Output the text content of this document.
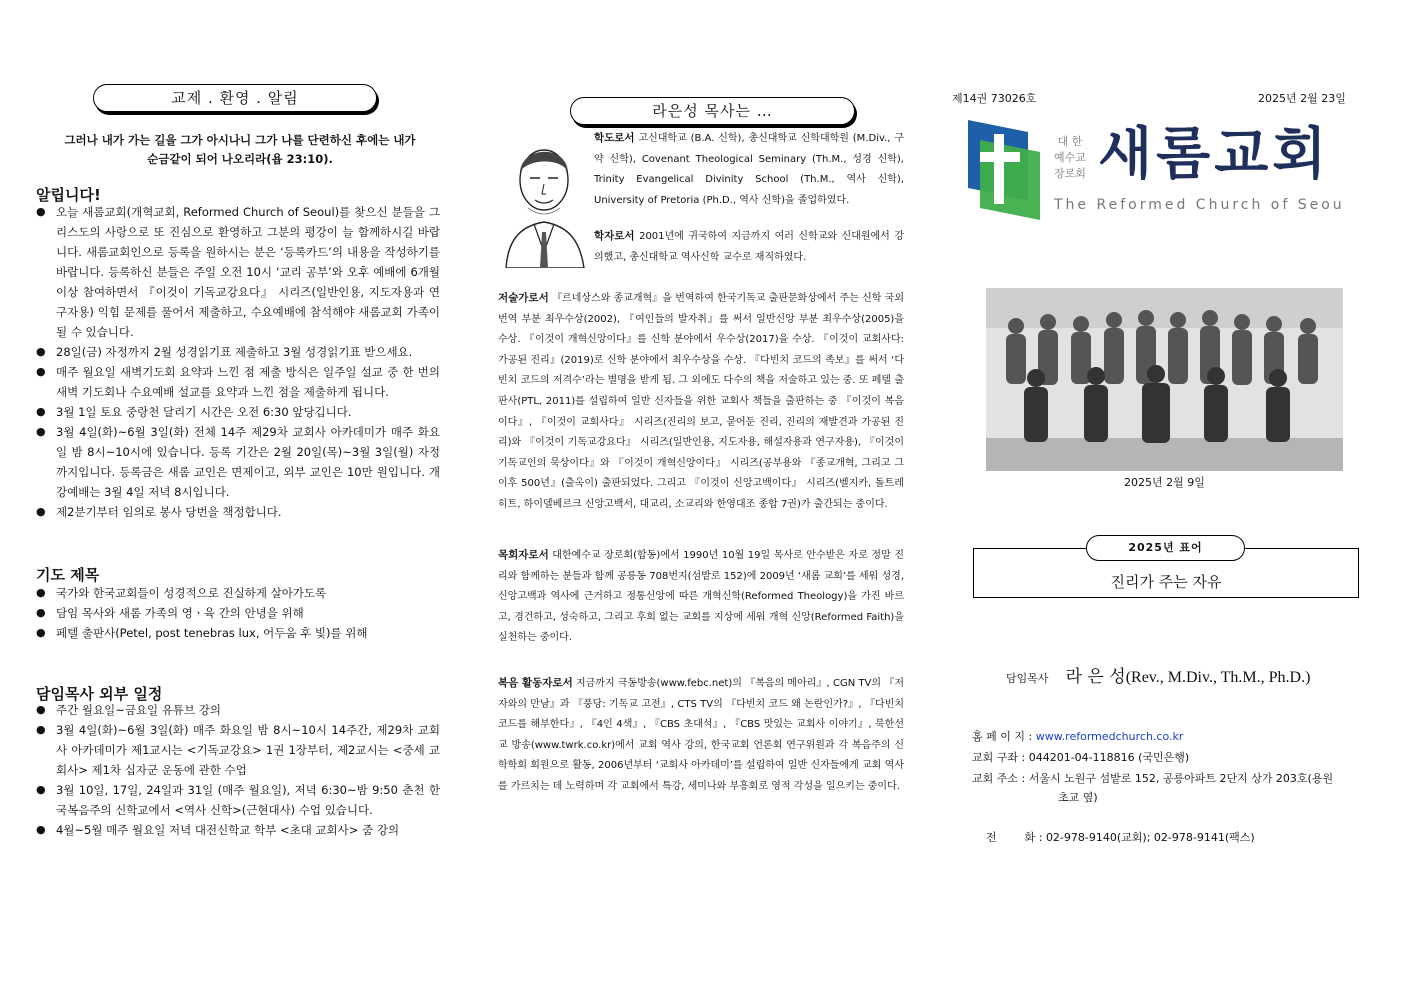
교제 . 환영 . 알림
그러나 내가 가는 길을 그가 아시나니 그가 나를 단련하신 후에는 내가
순금같이 되어 나오리라(욥 23:10).
알립니다!
● 오늘 새롬교회(개혁교회, Reformed Church of Seoul)를 찾으신 분들을 그리스도의 사랑으로 또 진심으로 환영하고 그분의 평강이 늘 함께하시길 바랍니다. 새롬교회인으로 등록을 원하시는 분은 ‘등록카드’의 내용을 작성하기를 바랍니다. 등록하신 분들은 주일 오전 10시 ‘교리 공부’와 오후 예배에 6개월 이상 참여하면서 『이것이 기독교강요다』 시리즈(일반인용, 지도자용과 연구자용) 익힘 문제를 풀어서 제출하고, 수요예배에 참석해야 새롬교회 가족이 될 수 있습니다.
● 28일(금) 자정까지 2월 성경읽기표 제출하고 3월 성경읽기표 받으세요.
● 매주 월요일 새벽기도회 요약과 느낀 점 제출 방식은 일주일 설교 중 한 번의 새벽 기도회나 수요예배 설교를 요약과 느낀 점을 제출하게 됩니다.
● 3월 1일 토요 중랑천 달리기 시간은 오전 6:30 앞당깁니다.
● 3월 4일(화)~6월 3일(화) 전체 14주 제29차 교회사 아카데미가 매주 화요일 밤 8시~10시에 있습니다. 등록 기간은 2월 20일(목)~3월 3일(월) 자정까지입니다. 등록금은 새롬 교인은 면제이고, 외부 교인은 10만 원입니다. 개강예배는 3월 4일 저녁 8시입니다.
● 제2분기부터 임의로 봉사 당번을 책정합니다.
기도 제목
● 국가와 한국교회들이 성경적으로 진실하게 살아가도록
● 담임 목사와 새롬 가족의 영ㆍ육 간의 안녕을 위해
● 페텔 출판사(Petel, post tenebras lux, 어두움 후 빛)를 위해
담임목사 외부 일정
● 주간 월요일~금요일 유튜브 강의
● 3월 4일(화)~6월 3일(화) 매주 화요일 밤 8시~10시 14주간, 제29차 교회사 아카데미가 제1교시는 <기독교강요> 1권 1장부터, 제2교시는 <중세 교회사> 제1차 십자군 운동에 관한 수업
● 3월 10일, 17일, 24일과 31일 (매주 월요일), 저녁 6:30~밤 9:50 춘천 한국복음주의 신학교에서 <역사 신학>(근현대사) 수업 있습니다.
● 4월~5월 매주 월요일 저녁 대전신학교 학부 <초대 교회사> 줌 강의
라은성 목사는 …
학도로서 고신대학교 (B.A. 신학), 총신대학교 신학대학원 (M.Div., 구약 신학), Covenant Theological Seminary (Th.M., 성경 신학), Trinity Evangelical Divinity School (Th.M., 역사 신학), University of Pretoria (Ph.D., 역사 신학)을 졸업하였다.
학자로서 2001년에 귀국하여 지금까지 여러 신학교와 신대원에서 강의했고, 총신대학교 역사신학 교수로 재직하였다.
저술가로서 『르네상스와 종교개혁』을 번역하여 한국기독교 출판문화상에서 주는 신학 국외 번역 부분 최우수상(2002), 『여인들의 발자취』를 써서 일반신앙 부분 최우수상(2005)을 수상. 『이것이 개혁신앙이다』를 신학 분야에서 우수상(2017)을 수상. 『이것이 교회사다: 가공된 진리』(2019)로 신학 분야에서 최우수상을 수상. 『다빈치 코드의 족보』를 써서 ‘다빈치 코드의 저격수’라는 별명을 받게 됨. 그 외에도 다수의 책을 저술하고 있는 중. 또 페텔 출판사(PTL, 2011)를 설립하여 일반 신자들을 위한 교회사 책들을 출판하는 중 『이것이 복음이다』, 『이것이 교회사다』 시리즈(진리의 보고, 묻어둔 진리, 진리의 재발견과 가공된 진리)와 『이것이 기독교강요다』 시리즈(일반인용, 지도자용, 해설자용과 연구자용), 『이것이 기독교인의 묵상이다』와 『이것이 개혁신앙이다』 시리즈(공부용와 『종교개혁, 그리고 그 이후 500년』(출옥이) 출판되었다. 그리고 『이것이 신앙고백이다』 시리즈(벨지카, 돌트레히트, 하이델베르크 신앙고백서, 대교리, 소교리와 한영대조 종합 7권)가 출간되는 중이다.
목회자로서 대한예수교 장로회(합동)에서 1990년 10월 19일 목사로 안수받은 자로 정말 진리와 함께하는 분들과 함께 공릉동 708번지(섬밭로 152)에 2009년 ‘새롬 교회’를 세워 성경, 신앙고백과 역사에 근거하고 정통신앙에 따른 개혁신학(Reformed Theology)을 가진 바르고, 경건하고, 성숙하고, 그리고 후회 없는 교회를 지상에 세워 개혁 신앙(Reformed Faith)을 실천하는 중이다.
복음 활동자로서 지금까지 극동방송(www.febc.net)의 『복음의 메아리』, CGN TV의 『저자와의 만남』과 『풍당: 기독교 고전』, CTS TV의 『다빈치 코드 왜 논란인가?』, 『다빈치 코드를 해부한다』, 『4인 4색』, 『CBS 초대석』, 『CBS 맛있는 교회사 이야기』, 북한선교 방송(www.twrk.co.kr)에서 교회 역사 강의, 한국교회 언론회 연구위원과 각 복음주의 신학학회 회원으로 활동, 2006년부터 ‘교회사 아카데미’를 설립하여 일반 신자들에게 교회 역사를 가르치는 데 노력하며 각 교회에서 특강, 세미나와 부흥회로 영적 각성을 일으키는 중이다.
제14권 73026호	2025년 2월 23일
대 한
예수교
장로회 새롬교회
The Reformed Church of Seou
2025년 2월 9일
진리가 주는 자유
2025년 표어
담임목사 라 은 성(Rev., M.Div., Th.M., Ph.D.)
홈 페 이 지 : www.reformedchurch.co.kr
교회 구좌 : 044201-04-118816 (국민은행)
교회 주소 : 서울시 노원구 섬밭로 152, 공릉아파트 2단지 상가 203호(용원
초교 옆)

전        화 : 02-978-9140(교회); 02-978-9141(팩스)
